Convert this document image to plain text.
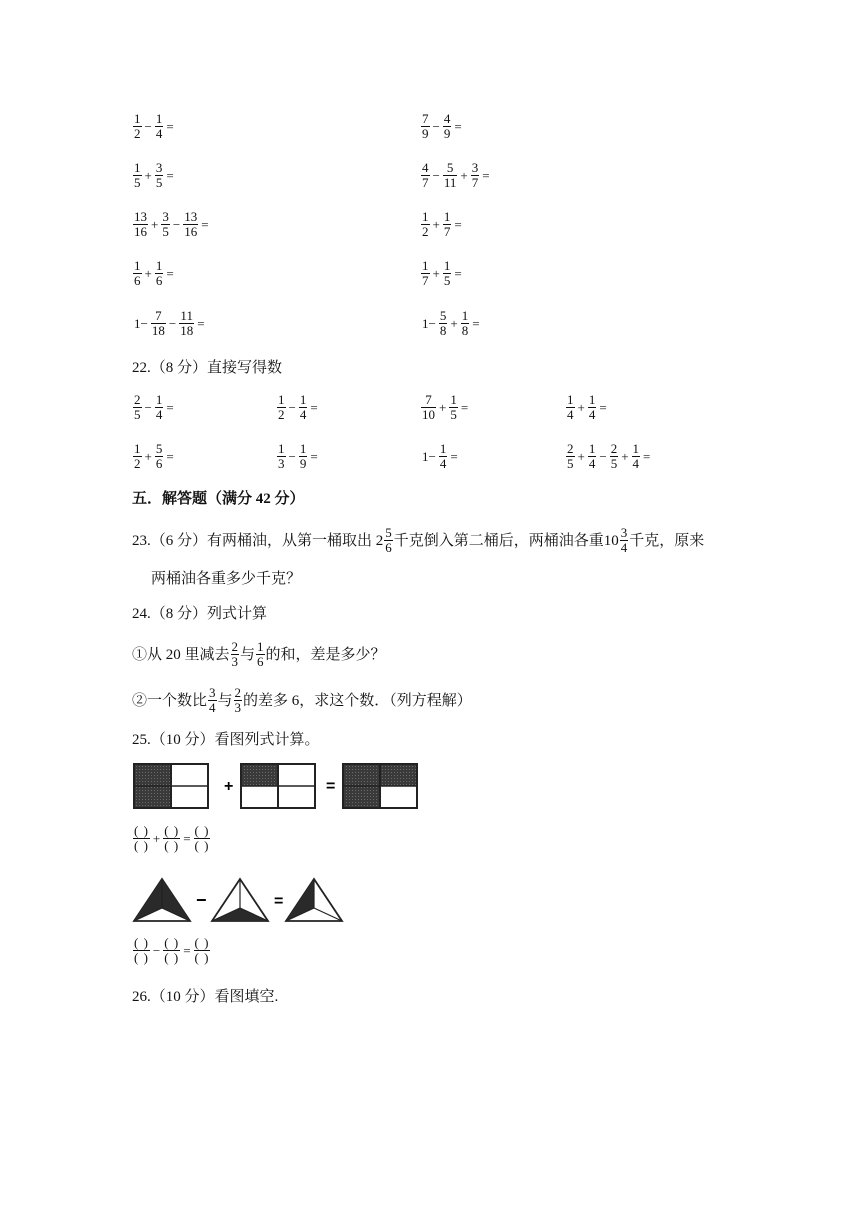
$\frac{1}{2} - \frac{1}{4}$ =	$\frac{7}{9} - \frac{4}{9}$ =
$\frac{1}{5} + \frac{3}{5}$ =	$\frac{4}{7} - \frac{5}{11} + \frac{3}{7}$ =
$\frac{13}{16} + \frac{3}{5} - \frac{13}{16}$ =	$\frac{1}{2} + \frac{1}{7}$ =
$\frac{1}{6} + \frac{1}{6}$ =	$\frac{1}{7} + \frac{1}{5}$ =
$1- \frac{7}{18} - \frac{11}{18}$ =	$1- \frac{5}{8} + \frac{1}{8}$ =
22.（8 分）直接写得数
$\frac{2}{5} - \frac{1}{4}$ =	$\frac{1}{2} - \frac{1}{4}$ =	$\frac{7}{10} + \frac{1}{5}$ =	$\frac{1}{4} + \frac{1}{4}$ =
$\frac{1}{2} + \frac{5}{6}$ =	$\frac{1}{3} - \frac{1}{9}$ =	$1- \frac{1}{4}$ =	$\frac{2}{5} + \frac{1}{4} - \frac{2}{5} + \frac{1}{4}$ =
五．解答题（满分 42 分）
23.（6 分）有两桶油，从第一桶取出 $2 \frac{5}{6}$ 千克倒入第二桶后，两桶油各重$10 \frac{3}{4}$ 千克，原来
两桶油各重多少千克？
24.（8 分）列式计算
①从 20 里减去 $\frac{2}{3}$ 与 $\frac{1}{6}$ 的和，差是多少？
②一个数比 $\frac{3}{4}$ 与 $\frac{2}{3}$ 的差多 6，求这个数．（列方程解）
25.（10 分）看图列式计算。
+	=
$\frac{( )}{( )} + \frac{( )}{( )} = \frac{( )}{( )}$
−	=
$\frac{( )}{( )} - \frac{( )}{( )} = \frac{( )}{( )}$
26.（10 分）看图填空.
